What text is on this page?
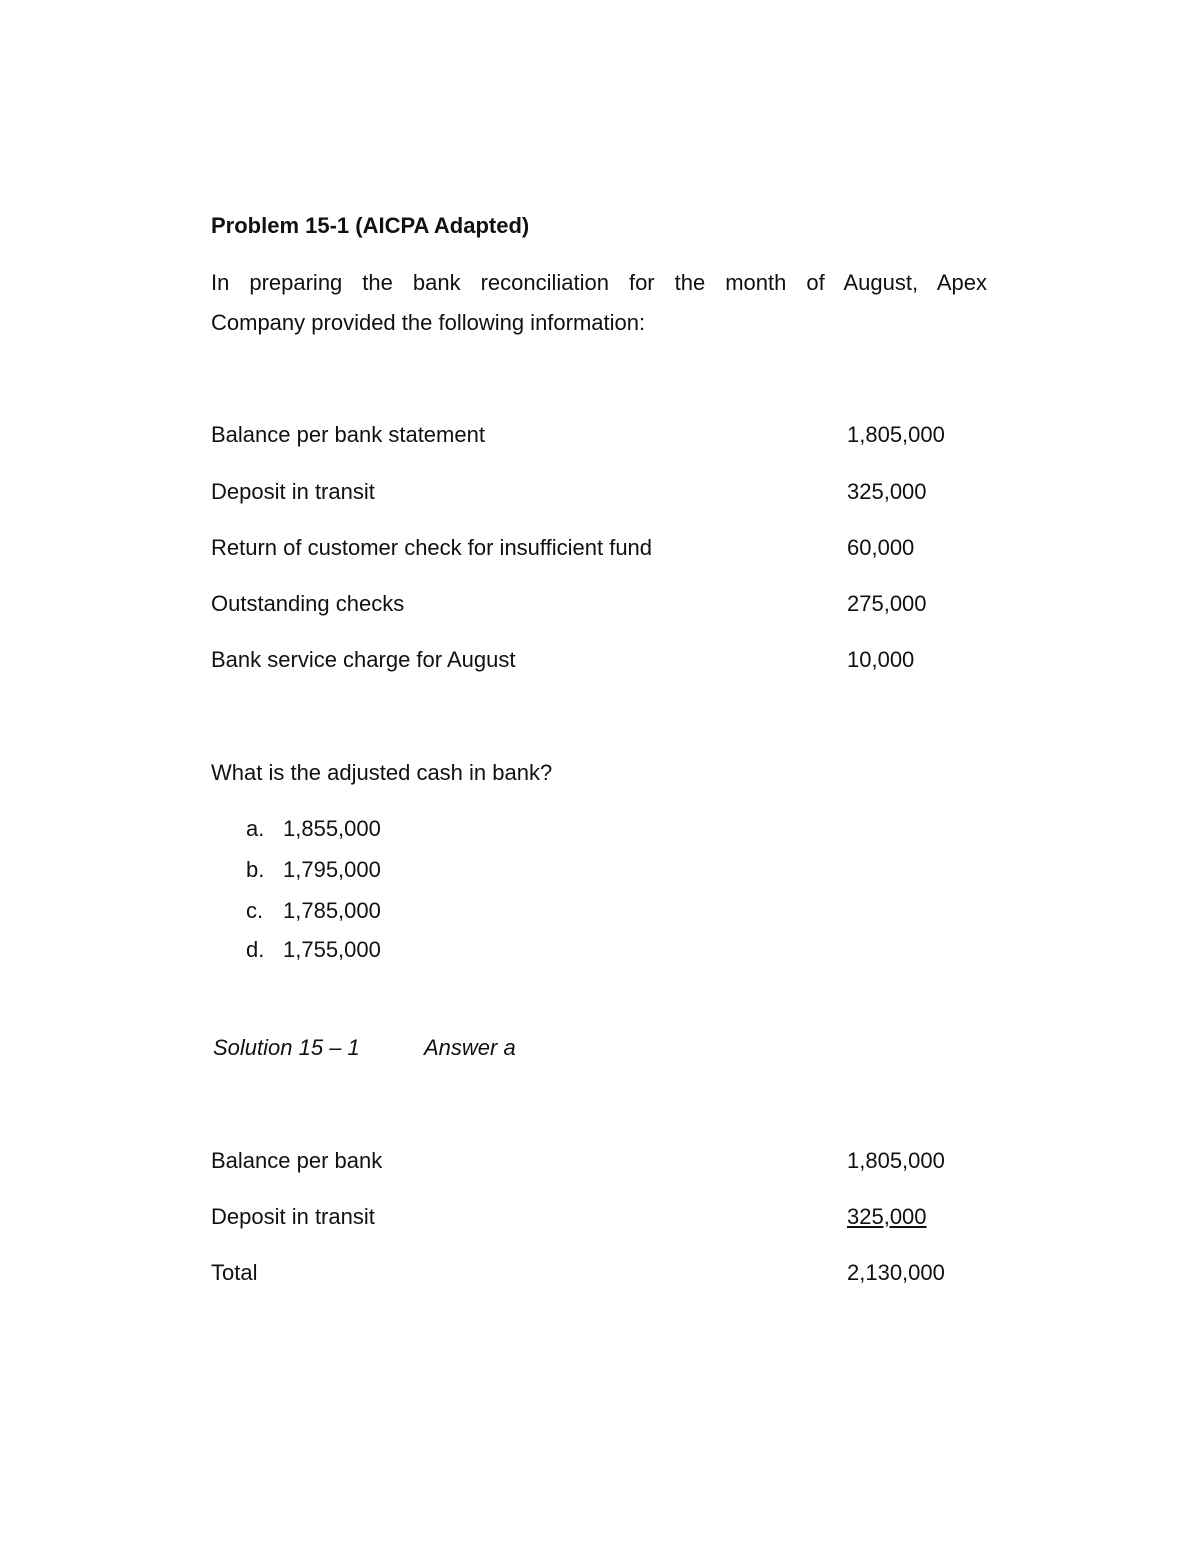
Problem 15-1 (AICPA Adapted)
In preparing the bank reconciliation for the month of August, Apex
Company provided the following information:
Balance per bank statement	1,805,000
Deposit in transit	325,000
Return of customer check for insufficient fund	60,000
Outstanding checks	275,000
Bank service charge for August	10,000
What is the adjusted cash in bank?
a. 1,855,000
b. 1,795,000
c. 1,785,000
d. 1,755,000
Solution 15 – 1	Answer a
Balance per bank	1,805,000
Deposit in transit	325,000
Total	2,130,000
